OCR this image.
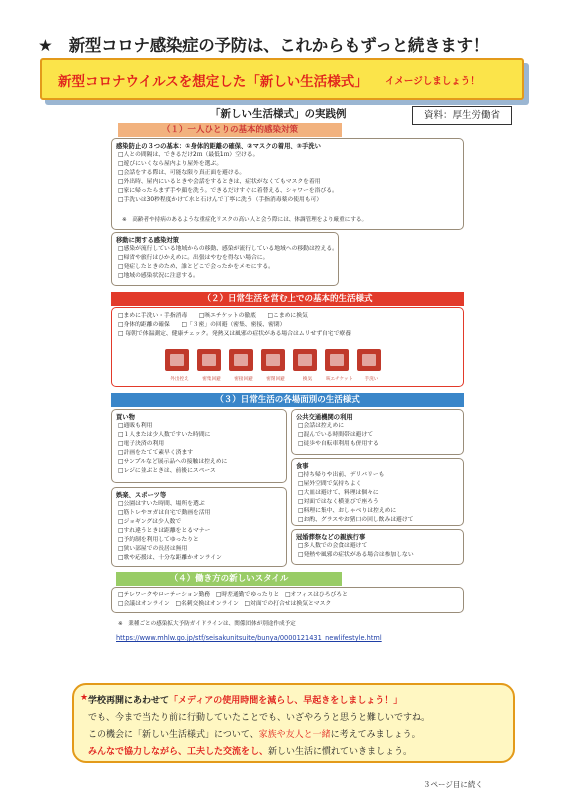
★　新型コロナ感染症の予防は、これからもずっと続きます！
新型コロナウイルスを想定した「新しい生活様式」 イメージしましょう！
「新しい生活様式」の実践例	資料：厚生労働省
（１）一人ひとりの基本的感染対策
感染防止の３つの基本：①身体的距離の確保、②マスクの着用、③手洗い
□人との間隔は、できるだけ2ｍ（最低1ｍ）空ける。
□遊びにいくなら屋内より屋外を選ぶ。
□会話をする際は、可能な限り真正面を避ける。
□外出時、屋内にいるときや会話をするときは、症状がなくてもマスクを着用
□家に帰ったらまず手や顔を洗う。できるだけすぐに着替える、シャワーを浴びる。
□手洗いは30秒程度かけて水と石けんで丁寧に洗う（手指消毒薬の使用も可）
※　高齢者や持病のあるような重症化リスクの高い人と会う際には、体調管理をより厳重にする。
移動に関する感染対策
□感染が流行している地域からの移動、感染が流行している地域への移動は控える。
□帰省や旅行はひかえめに。出張はやむを得ない場合に。
□発症したときのため、誰とどこで会ったかをメモにする。
□地域の感染状況に注意する。
（２）日常生活を営む上での基本的生活様式
□まめに手洗い・手指消毒　　□咳エチケットの徹底　　□こまめに換気
□身体的距離の確保　　□「３密」の回避（密集、密接、密閉）
□ 毎朝で体温測定、健康チェック。発熱又は風邪の症状がある場合はムリせず自宅で療養
外出控え	密集回避	密接回避	密閉回避	換気	咳エチケット	手洗い
（３）日常生活の各場面別の生活様式
買い物
□通販も利用
□１人または少人数ですいた時間に
□電子決済の利用
□計画をたてて素早く済ます
□サンプルなど展示品への接触は控えめに
□レジに並ぶときは、前後にスペース
娯楽、スポーツ等
□公園はすいた時間、場所を選ぶ
□筋トレやヨガは自宅で動画を活用
□ジョギングは少人数で
□すれ違うときは距離をとるマナー
□予約制を利用してゆったりと
□狭い部屋での長居は無用
□歌や応援は、十分な距離かオンライン
公共交通機関の利用
□会話は控えめに
□混んでいる時間帯は避けて
□徒歩や自転車利用も併用する
食事
□持ち帰りや出前、デリバリーも
□屋外空間で気持ちよく
□大皿は避けて、料理は個々に
□対面ではなく横並びで座ろう
□料理に集中、おしゃべりは控えめに
□お酌、グラスやお猪口の回し飲みは避けて
冠婚葬祭などの親族行事
□多人数での会食は避けて
□発熱や風邪の症状がある場合は参加しない
（４）働き方の新しいスタイル
□テレワークやローテーション勤務　□時差通勤でゆったりと　□オフィスはひろびろと
□会議はオンライン　□名刺交換はオンライン　□対面での打合せは換気とマスク
※　業種ごとの感染拡大予防ガイドラインは、関係団体が別途作成予定
https://www.mhlw.go.jp/stf/seisakunitsuite/bunya/0000121431_newlifestyle.html
★ 学校再開にあわせて「メディアの使用時間を減らし、早起きをしましょう！」
でも、今まで当たり前に行動していたことでも、いざやろうと思うと難しいですね。
この機会に「新しい生活様式」について、家族や友人と一緒に考えてみましょう。
みんなで協力しながら、工夫した交流をし、新しい生活に慣れていきましょう。
３ページ目に続く
